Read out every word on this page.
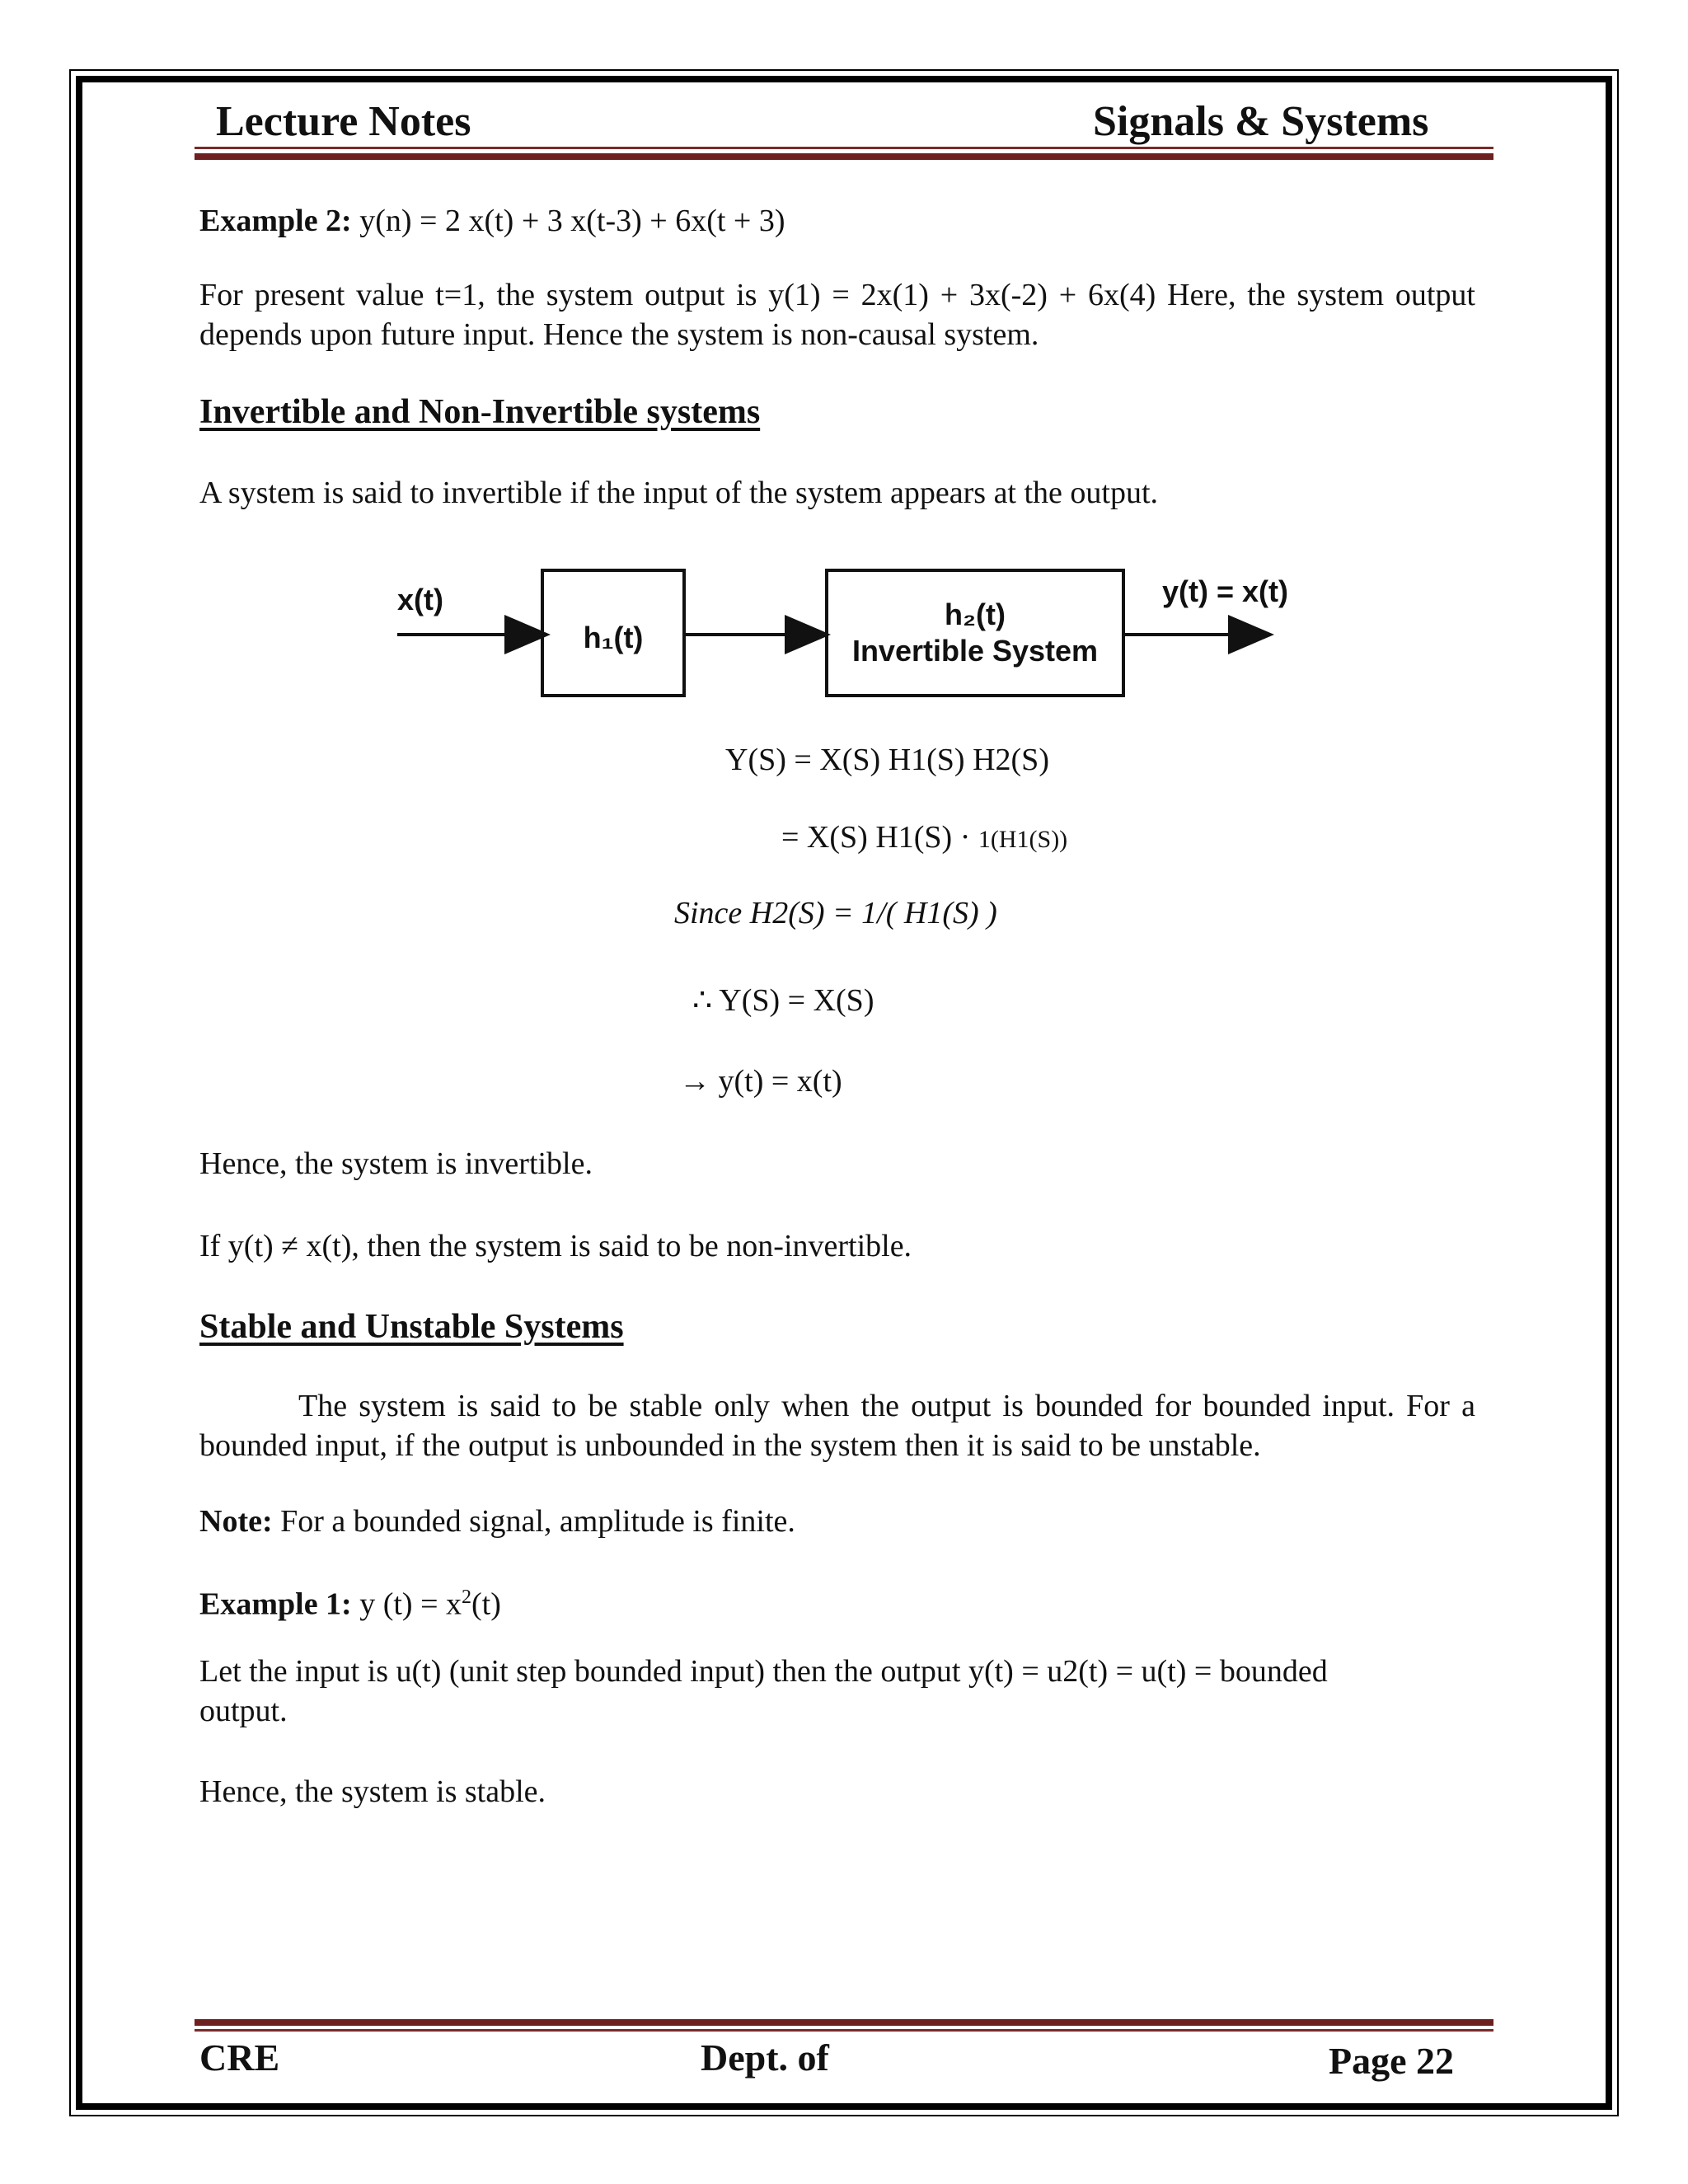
Lecture Notes	Signals & Systems

Example 2: y(n) = 2 x(t) + 3 x(t-3) + 6x(t + 3)

For present value t=1, the system output is y(1) = 2x(1) + 3x(-2) + 6x(4) Here, the system output depends upon future input. Hence the system is non-causal system.

Invertible and Non-Invertible systems

A system is said to invertible if the input of the system appears at the output.

x(t)
h₁(t)
h₂(t)
Invertible System
y(t) = x(t)
Y(S) = X(S) H1(S) H2(S)
= X(S) H1(S) · 1(H1(S))
Since H2(S) = 1/( H1(S) )
∴ Y(S) = X(S)
→ y(t) = x(t)

Hence, the system is invertible.

If y(t) ≠ x(t), then the system is said to be non-invertible.

Stable and Unstable Systems

The system is said to be stable only when the output is bounded for bounded input. For a bounded input, if the output is unbounded in the system then it is said to be unstable.

Note: For a bounded signal, amplitude is finite.

Example 1: y $(t) = x^2(t)$

Let the input is u(t) (unit step bounded input) then the output y(t) = u2(t) = u(t) = bounded output.

Hence, the system is stable.

CRE	Dept. of	Page 22
